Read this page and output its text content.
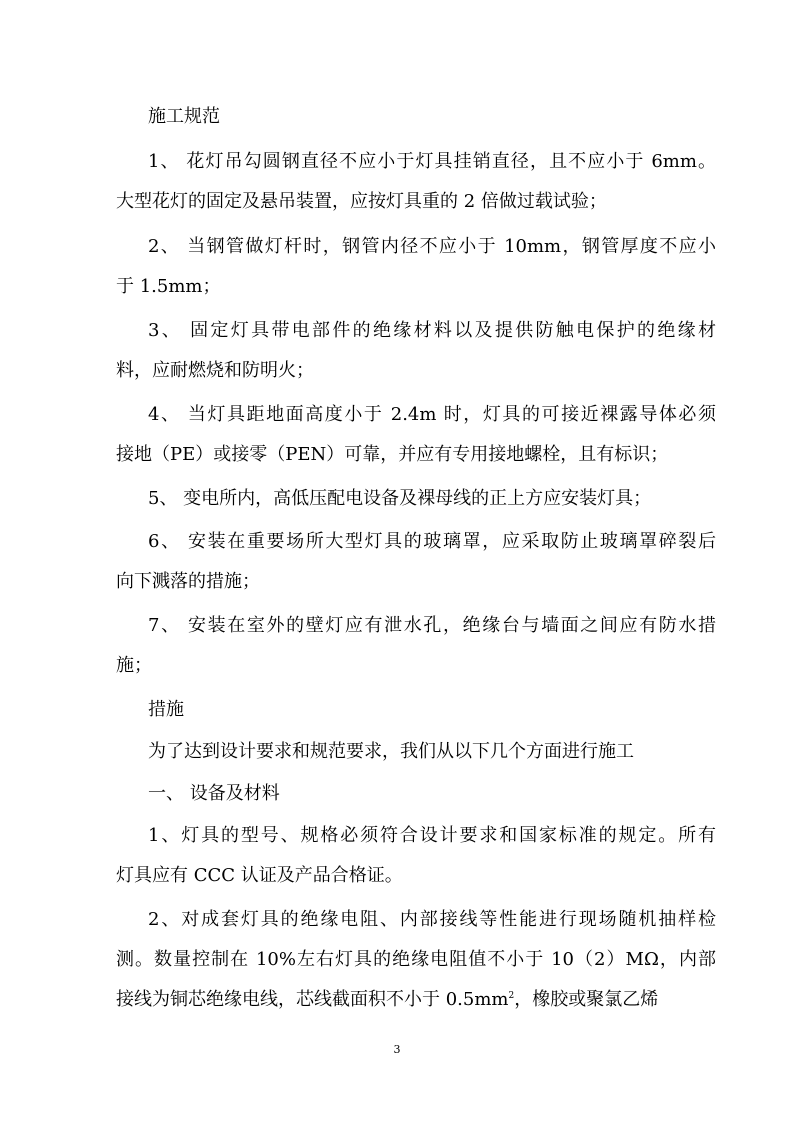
施工规范
1、 花灯吊勾圆钢直径不应小于灯具挂销直径，且不应小于 6mm。
大型花灯的固定及悬吊装置，应按灯具重的 2 倍做过载试验；
2、 当钢管做灯杆时，钢管内径不应小于 10mm，钢管厚度不应小
于 1.5mm；
3、 固定灯具带电部件的绝缘材料以及提供防触电保护的绝缘材
料，应耐燃烧和防明火；
4、 当灯具距地面高度小于 2.4m 时，灯具的可接近裸露导体必须
接地（PE）或接零（PEN）可靠，并应有专用接地螺栓，且有标识；
5、 变电所内，高低压配电设备及裸母线的正上方应安装灯具；
6、 安装在重要场所大型灯具的玻璃罩，应采取防止玻璃罩碎裂后
向下溅落的措施；
7、 安装在室外的壁灯应有泄水孔，绝缘台与墙面之间应有防水措
施；
措施
为了达到设计要求和规范要求，我们从以下几个方面进行施工
一、 设备及材料
1、灯具的型号、规格必须符合设计要求和国家标准的规定。所有
灯具应有 CCC 认证及产品合格证。
2、对成套灯具的绝缘电阻、内部接线等性能进行现场随机抽样检
测。数量控制在 10%左右灯具的绝缘电阻值不小于 10（2）MΩ，内部
接线为铜芯绝缘电线，芯线截面积不小于 $0.5mm^2$，橡胶或聚氯乙烯
3
